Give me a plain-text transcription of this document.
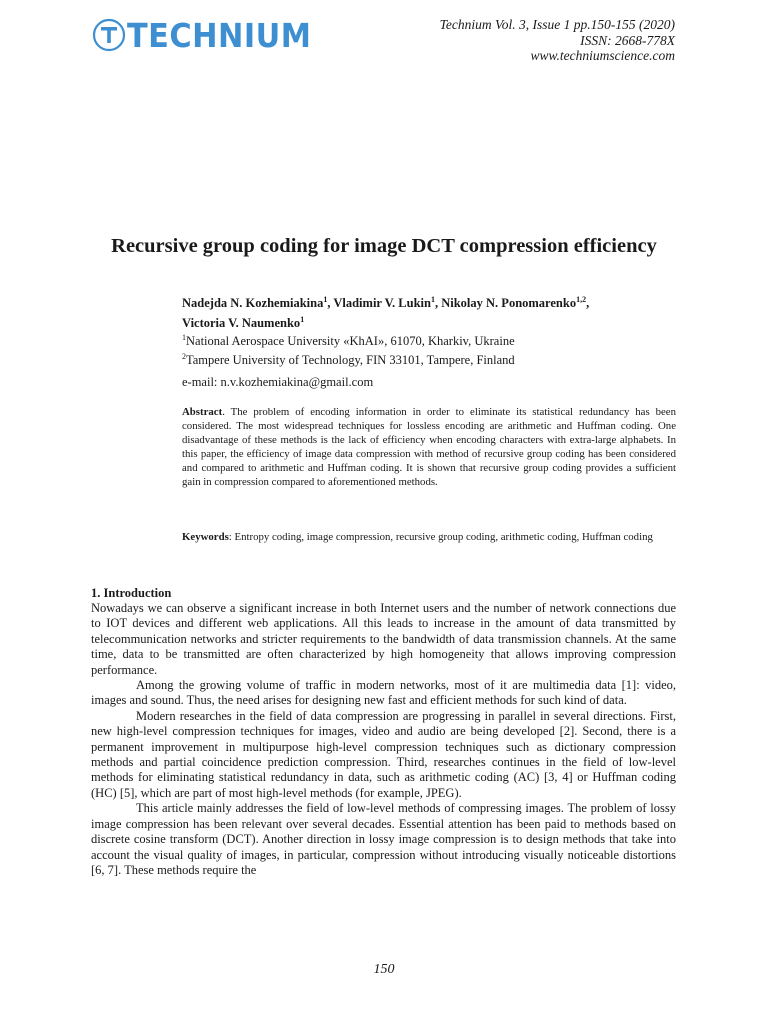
TECHNIUM	Technium Vol. 3, Issue 1 pp.150-155 (2020)
ISSN: 2668-778X
www.techniumscience.com
Recursive group coding for image DCT compression efficiency
Nadejda N. Kozhemiakina$^1$, Vladimir V. Lukin$^1$, Nikolay N. Ponomarenko$^{1,2}$,
Victoria V. Naumenko$^1$
$^1$National Aerospace University «KhAI», 61070, Kharkiv, Ukraine
$^2$Tampere University of Technology, FIN 33101, Tampere, Finland
e-mail: n.v.kozhemiakina@gmail.com

Abstract. The problem of encoding information in order to eliminate its statistical redundancy has been considered. The most widespread techniques for lossless encoding are arithmetic and Huffman coding. One disadvantage of these methods is the lack of efficiency when encoding characters with extra-large alphabets. In this paper, the efficiency of image data compression with method of recursive group coding has been considered and compared to arithmetic and Huffman coding. It is shown that recursive group coding provides a sufficient gain in compression compared to aforementioned methods.

Keywords: Entropy coding, image compression, recursive group coding, arithmetic coding, Huffman coding

1. Introduction

Nowadays we can observe a significant increase in both Internet users and the number of network connections due to IOT devices and different web applications. All this leads to increase in the amount of data transmitted by telecommunication networks and stricter requirements to the bandwidth of data transmission channels. At the same time, data to be transmitted are often characterized by high homogeneity that allows improving compression performance.

Among the growing volume of traffic in modern networks, most of it are multimedia data [1]: video, images and sound. Thus, the need arises for designing new fast and efficient methods for such kind of data.

Modern researches in the field of data compression are progressing in parallel in several directions. First, new high-level compression techniques for images, video and audio are being developed [2]. Second, there is a permanent improvement in multipurpose high-level compression techniques such as dictionary compression methods and partial coincidence prediction compression. Third, researches continues in the field of low-level methods for eliminating statistical redundancy in data, such as arithmetic coding (AC) [3, 4] or Huffman coding (HC) [5], which are part of most high-level methods (for example, JPEG).

This article mainly addresses the field of low-level methods of compressing images. The problem of lossy image compression has been relevant over several decades. Essential attention has been paid to methods based on discrete cosine transform (DCT). Another direction in lossy image compression is to design methods that take into account the visual quality of images, in particular, compression without introducing visually noticeable distortions [6, 7]. These methods require the

150
